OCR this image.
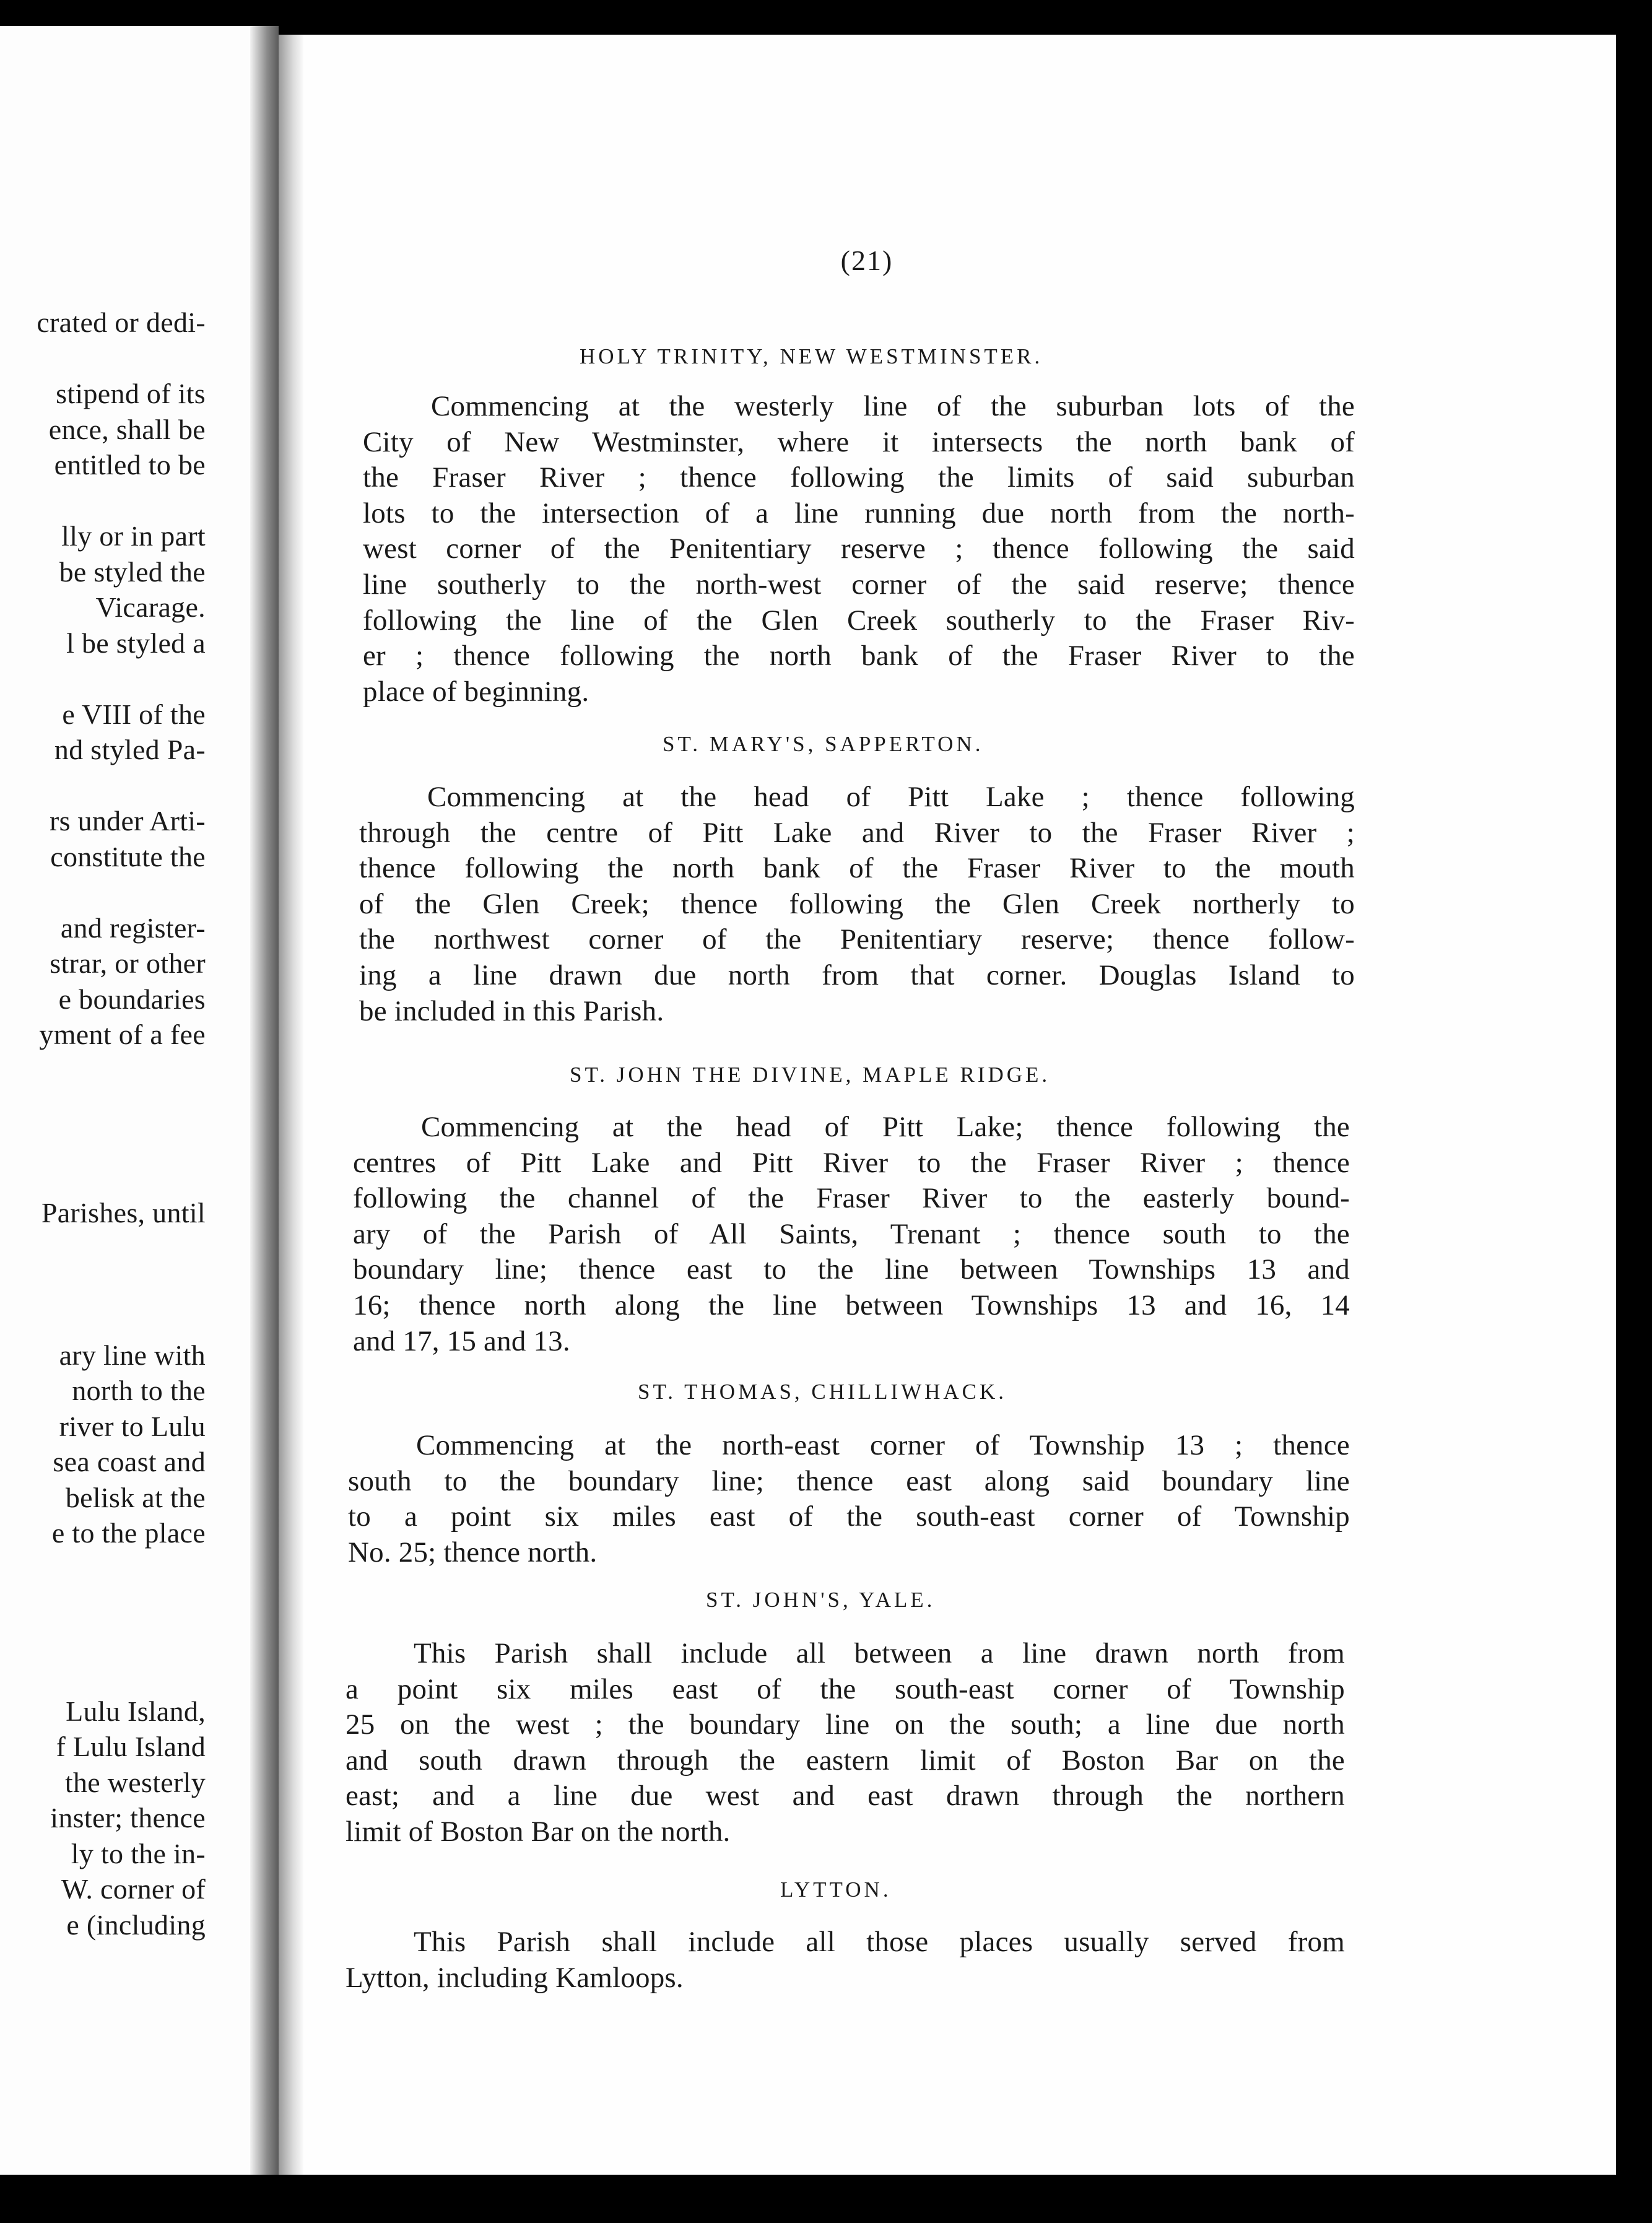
crated or dedi-
stipend of its
ence, shall be
entitled to be
lly or in part
be styled the
Vicarage.
l be styled a
e VIII of the
nd styled Pa-
rs under Arti-
constitute the
and register-
strar, or other
e boundaries
yment of a fee
Parishes, until
ary line with
north to the
river to Lulu
sea coast and
belisk at the
e to the place
Lulu Island,
f Lulu Island
the westerly
inster; thence
ly to the in-
W. corner of
e (including
(21)
HOLY TRINITY, NEW WESTMINSTER.
Commencing at the westerly line of the suburban lots of the
City of New Westminster, where it intersects the north bank of
the Fraser River ; thence following the limits of said suburban
lots to the intersection of a line running due north from the north-
west corner of the Penitentiary reserve ; thence following the said
line southerly to the north-west corner of the said reserve; thence
following the line of the Glen Creek southerly to the Fraser Riv-
er ; thence following the north bank of the Fraser River to the
place of beginning.
ST. MARY'S, SAPPERTON.
Commencing at the head of Pitt Lake ; thence following
through the centre of Pitt Lake and River to the Fraser River ;
thence following the north bank of the Fraser River to the mouth
of the Glen Creek; thence following the Glen Creek northerly to
the northwest corner of the Penitentiary reserve; thence follow-
ing a line drawn due north from that corner. Douglas Island to
be included in this Parish.
ST. JOHN THE DIVINE, MAPLE RIDGE.
Commencing at the head of Pitt Lake; thence following the
centres of Pitt Lake and Pitt River to the Fraser River ; thence
following the channel of the Fraser River to the easterly bound-
ary of the Parish of All Saints, Trenant ; thence south to the
boundary line; thence east to the line between Townships 13 and
16; thence north along the line between Townships 13 and 16, 14
and 17, 15 and 13.
ST. THOMAS, CHILLIWHACK.
Commencing at the north-east corner of Township 13 ; thence
south to the boundary line; thence east along said boundary line
to a point six miles east of the south-east corner of Township
No. 25; thence north.
ST. JOHN'S, YALE.
This Parish shall include all between a line drawn north from
a point six miles east of the south-east corner of Township
25 on the west ; the boundary line on the south; a line due north
and south drawn through the eastern limit of Boston Bar on the
east; and a line due west and east drawn through the northern
limit of Boston Bar on the north.
LYTTON.
This Parish shall include all those places usually served from
Lytton, including Kamloops.
